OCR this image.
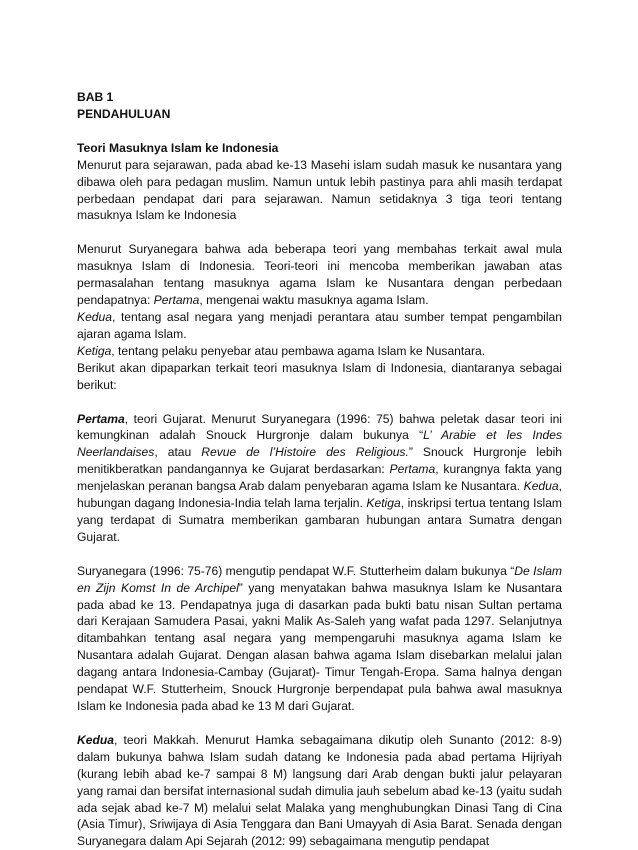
BAB 1
PENDAHULUAN
Teori Masuknya Islam ke Indonesia

Menurut para sejarawan, pada abad ke-13 Masehi islam sudah masuk ke nusantara yang dibawa oleh para pedagan muslim. Namun untuk lebih pastinya para ahli masih terdapat perbedaan pendapat dari para sejarawan. Namun setidaknya 3 tiga teori tentang masuknya Islam ke Indonesia

Menurut Suryanegara bahwa ada beberapa teori yang membahas terkait awal mula masuknya Islam di Indonesia. Teori-teori ini mencoba memberikan jawaban atas permasalahan tentang masuknya agama Islam ke Nusantara dengan perbedaan pendapatnya: Pertama, mengenai waktu masuknya agama Islam.

Kedua, tentang asal negara yang menjadi perantara atau sumber tempat pengambilan ajaran agama Islam.

Ketiga, tentang pelaku penyebar atau pembawa agama Islam ke Nusantara.

Berikut akan dipaparkan terkait teori masuknya Islam di Indonesia, diantaranya sebagai berikut:

Pertama, teori Gujarat. Menurut Suryanegara (1996: 75) bahwa peletak dasar teori ini kemungkinan adalah Snouck Hurgronje dalam bukunya “L’ Arabie et les Indes Neerlandaises, atau Revue de l’Histoire des Religious.” Snouck Hurgronje lebih menitikberatkan pandangannya ke Gujarat berdasarkan: Pertama, kurangnya fakta yang menjelaskan peranan bangsa Arab dalam penyebaran agama Islam ke Nusantara. Kedua, hubungan dagang Indonesia-India telah lama terjalin. Ketiga, inskripsi tertua tentang Islam yang terdapat di Sumatra memberikan gambaran hubungan antara Sumatra dengan Gujarat.

Suryanegara (1996: 75-76) mengutip pendapat W.F. Stutterheim dalam bukunya “De Islam en Zijn Komst In de Archipel” yang menyatakan bahwa masuknya Islam ke Nusantara pada abad ke 13. Pendapatnya juga di dasarkan pada bukti batu nisan Sultan pertama dari Kerajaan Samudera Pasai, yakni Malik As-Saleh yang wafat pada 1297. Selanjutnya ditambahkan tentang asal negara yang mempengaruhi masuknya agama Islam ke Nusantara adalah Gujarat. Dengan alasan bahwa agama Islam disebarkan melalui jalan dagang antara Indonesia-Cambay (Gujarat)- Timur Tengah-Eropa. Sama halnya dengan pendapat W.F. Stutterheim, Snouck Hurgronje berpendapat pula bahwa awal masuknya Islam ke Indonesia pada abad ke 13 M dari Gujarat.

Kedua, teori Makkah. Menurut Hamka sebagaimana dikutip oleh Sunanto (2012: 8-9) dalam bukunya bahwa Islam sudah datang ke Indonesia pada abad pertama Hijriyah (kurang lebih abad ke-7 sampai 8 M) langsung dari Arab dengan bukti jalur pelayaran yang ramai dan bersifat internasional sudah dimulia jauh sebelum abad ke-13 (yaitu sudah ada sejak abad ke-7 M) melalui selat Malaka yang menghubungkan Dinasi Tang di Cina (Asia Timur), Sriwijaya di Asia Tenggara dan Bani Umayyah di Asia Barat. Senada dengan Suryanegara dalam Api Sejarah (2012: 99) sebagaimana mengutip pendapat
